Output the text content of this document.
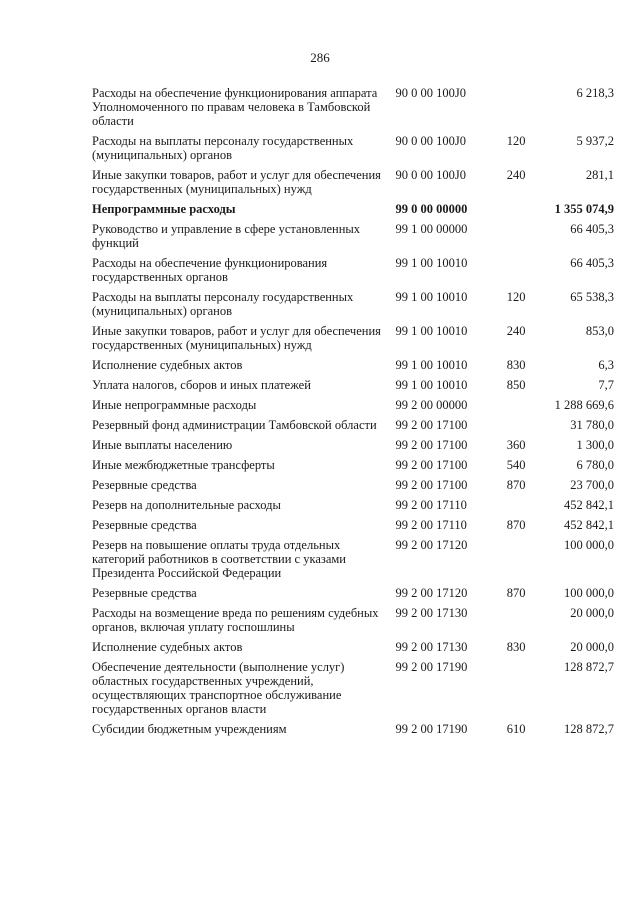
286
Расходы на обеспечение функционирования аппарата Уполномоченного по правам человека в Тамбовской области	90 0 00 100J0		6 218,3

Расходы на выплаты персоналу государственных (муниципальных) органов	90 0 00 100J0	120	5 937,2

Иные закупки товаров, работ и услуг для обеспечения государственных (муниципальных) нужд	90 0 00 100J0	240	281,1

Непрограммные расходы	99 0 00 00000		1 355 074,9

Руководство и управление в сфере установленных функций	99 1 00 00000		66 405,3

Расходы на обеспечение функционирования государственных органов	99 1 00 10010		66 405,3

Расходы на выплаты персоналу государственных (муниципальных) органов	99 1 00 10010	120	65 538,3

Иные закупки товаров, работ и услуг для обеспечения государственных (муниципальных) нужд	99 1 00 10010	240	853,0

Исполнение судебных актов	99 1 00 10010	830	6,3

Уплата налогов, сборов и иных платежей	99 1 00 10010	850	7,7

Иные непрограммные расходы	99 2 00 00000		1 288 669,6

Резервный фонд администрации Тамбовской области	99 2 00 17100		31 780,0

Иные выплаты населению	99 2 00 17100	360	1 300,0

Иные межбюджетные трансферты	99 2 00 17100	540	6 780,0

Резервные средства	99 2 00 17100	870	23 700,0

Резерв на дополнительные расходы	99 2 00 17110		452 842,1

Резервные средства	99 2 00 17110	870	452 842,1

Резерв на повышение оплаты труда отдельных категорий работников в соответствии с указами Президента Российской Федерации	99 2 00 17120		100 000,0

Резервные средства	99 2 00 17120	870	100 000,0

Расходы на возмещение вреда по решениям судебных органов, включая уплату госпошлины	99 2 00 17130		20 000,0

Исполнение судебных актов	99 2 00 17130	830	20 000,0

Обеспечение деятельности (выполнение услуг) областных государственных учреждений, осуществляющих транспортное обслуживание государственных органов власти	99 2 00 17190		128 872,7

Субсидии бюджетным учреждениям	99 2 00 17190	610	128 872,7
